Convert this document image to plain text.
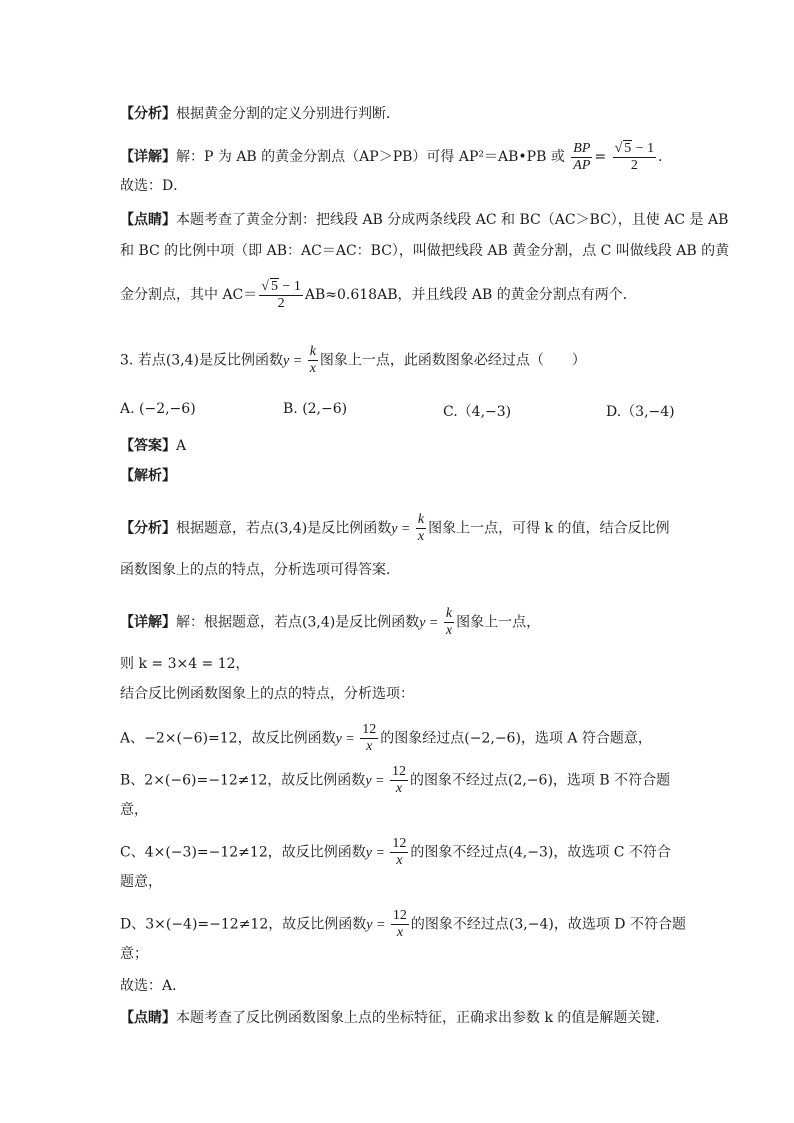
【分析】根据黄金分割的定义分别进行判断．
【详解】解：P 为 AB 的黄金分割点（AP＞PB）可得 AP²＝AB•PB 或 $\frac{BP}{AP} = \frac{√ 5 - 1}{2}$ ．
故选：D．
【点睛】本题考查了黄金分割：把线段 AB 分成两条线段 AC 和 BC（AC＞BC），且使 AC 是 AB
和 BC 的比例中项（即 AB：AC＝AC：BC），叫做把线段 AB 黄金分割，点 C 叫做线段 AB 的黄
金分割点，其中 $AC= \frac{√ 5 - 1}{2} AB\approx 0.618AB$，并且线段 AB 的黄金分割点有两个．
3. 若点(3,4)是反比例函数$y = \frac{k}{x}$ 图象上一点，此函数图象必经过点（　　）
A. (−2,−6)	B. (2,−6)	C.（4,−3)	D.（3,−4)
【答案】A
【解析】
【分析】根据题意，若点(3,4)是反比例函数$y = \frac{k}{x}$ 图象上一点，可得 k 的值，结合反比例
函数图象上的点的特点，分析选项可得答案．
【详解】解：根据题意，若点(3,4)是反比例函数$y = \frac{k}{x}$ 图象上一点，
则 k = 3×4 = 12，
结合反比例函数图象上的点的特点，分析选项：
A、−2×(−6)=12，故反比例函数$y = \frac{12}{x}$ 的图象经过点(−2,−6)，选项 A 符合题意，
B、2×(−6)=−12≠12，故反比例函数$y = \frac{12}{x}$ 的图象不经过点(2,−6)，选项 B 不符合题
意，
C、4×(−3)=−12≠12，故反比例函数$y = \frac{12}{x}$ 的图象不经过点(4,−3)，故选项 C 不符合
题意，
D、3×(−4)=−12≠12，故反比例函数$y = \frac{12}{x}$ 的图象不经过点(3,−4)，故选项 D 不符合题
意；
故选：A．
【点睛】本题考查了反比例函数图象上点的坐标特征，正确求出参数 k 的值是解题关键．
